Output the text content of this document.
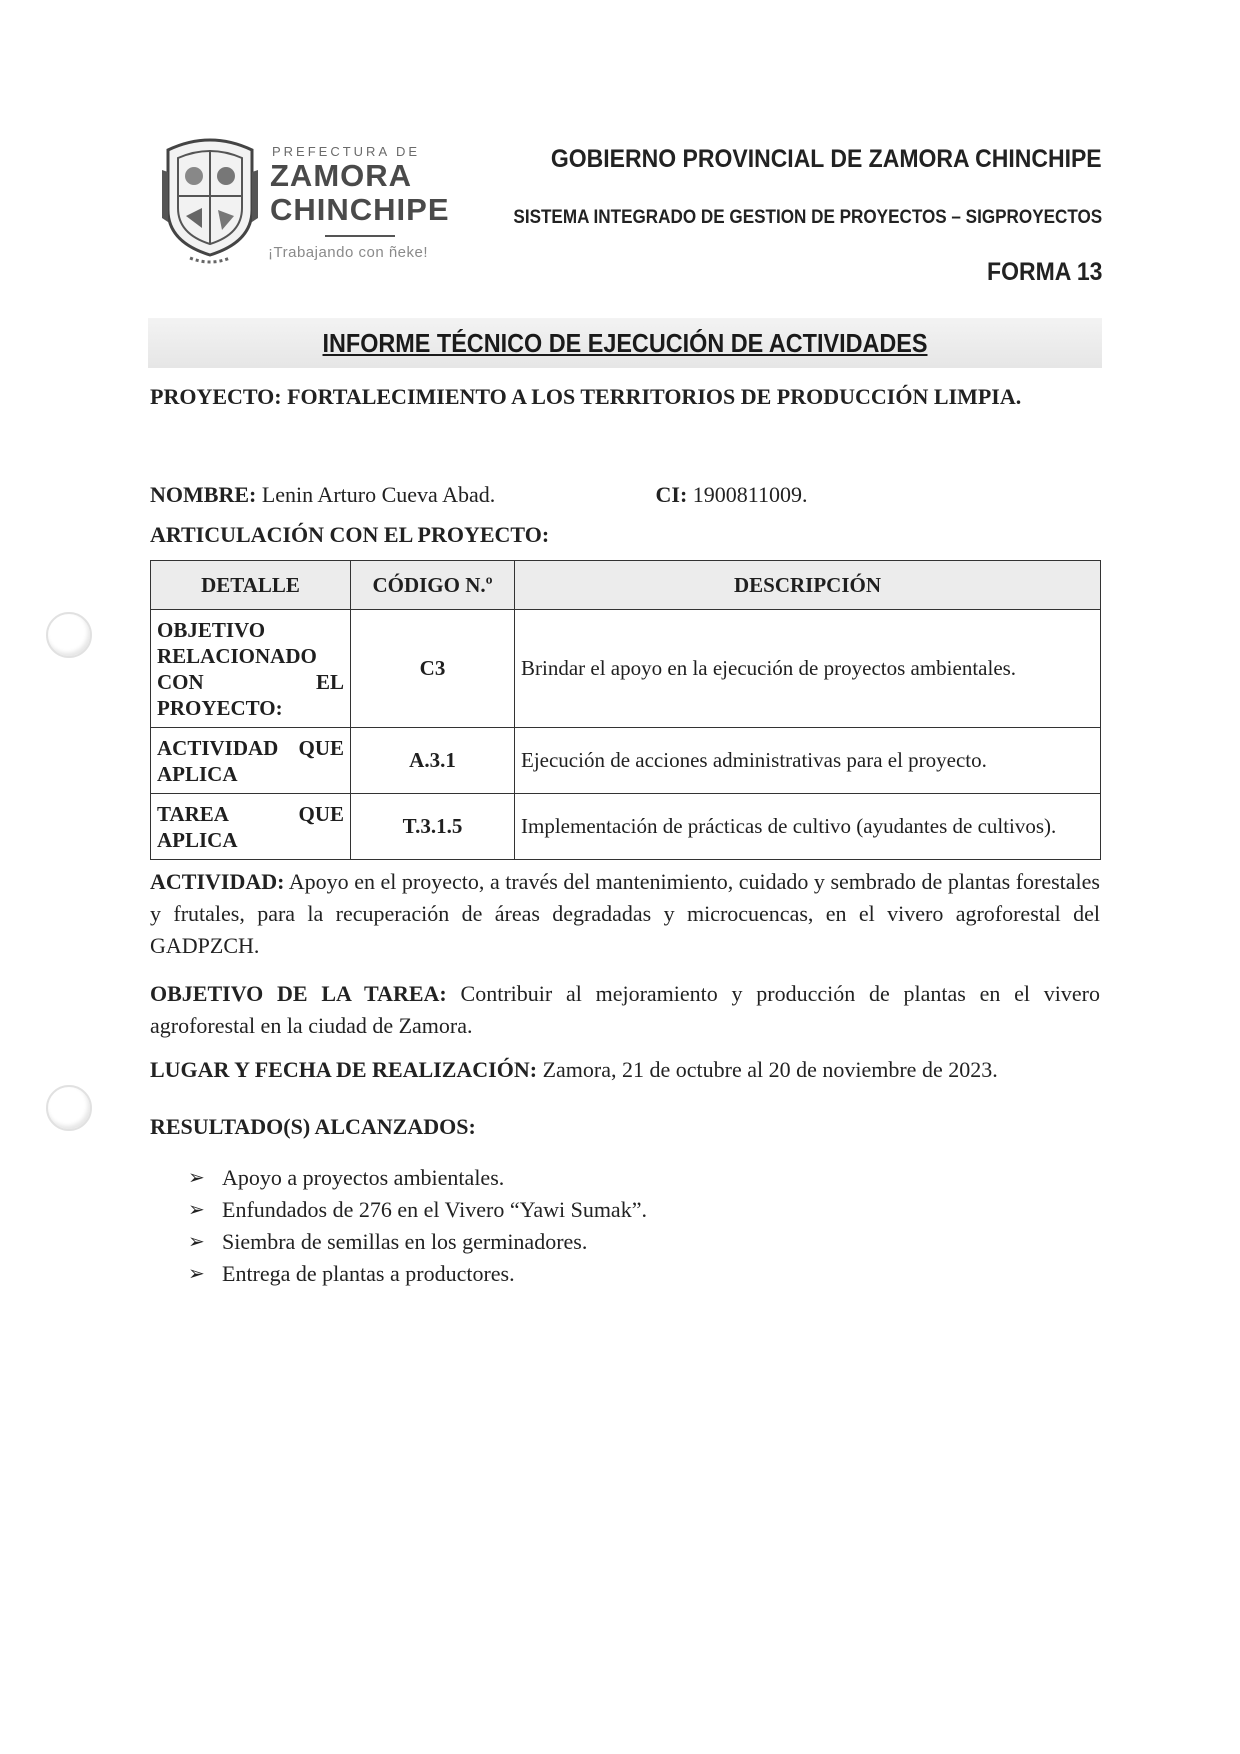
PREFECTURA DE
ZAMORA
CHINCHIPE
¡Trabajando con ñeke!
GOBIERNO PROVINCIAL DE ZAMORA CHINCHIPE
SISTEMA INTEGRADO DE GESTION DE PROYECTOS – SIGPROYECTOS
FORMA 13
INFORME TÉCNICO DE EJECUCIÓN DE ACTIVIDADES
PROYECTO: FORTALECIMIENTO A LOS TERRITORIOS DE PRODUCCIÓN LIMPIA.
NOMBRE: Lenin Arturo Cueva Abad.	CI: 1900811009.
ARTICULACIÓN CON EL PROYECTO:
DETALLE	CÓDIGO N.º	DESCRIPCIÓN
OBJETIVO RELACIONADO CON EL PROYECTO:	C3	Brindar el apoyo en la ejecución de proyectos ambientales.
ACTIVIDAD QUE APLICA	A.3.1	Ejecución de acciones administrativas para el proyecto.
TAREA QUE APLICA	T.3.1.5	Implementación de prácticas de cultivo (ayudantes de cultivos).
ACTIVIDAD: Apoyo en el proyecto, a través del mantenimiento, cuidado y sembrado de plantas forestales y frutales, para la recuperación de áreas degradadas y microcuencas, en el vivero agroforestal del GADPZCH.
OBJETIVO DE LA TAREA: Contribuir al mejoramiento y producción de plantas en el vivero agroforestal en la ciudad de Zamora.
LUGAR Y FECHA DE REALIZACIÓN: Zamora, 21 de octubre al 20 de noviembre de 2023.
RESULTADO(S) ALCANZADOS:
➢ Apoyo a proyectos ambientales.
➢ Enfundados de 276 en el Vivero “Yawi Sumak”.
➢ Siembra de semillas en los germinadores.
➢ Entrega de plantas a productores.
